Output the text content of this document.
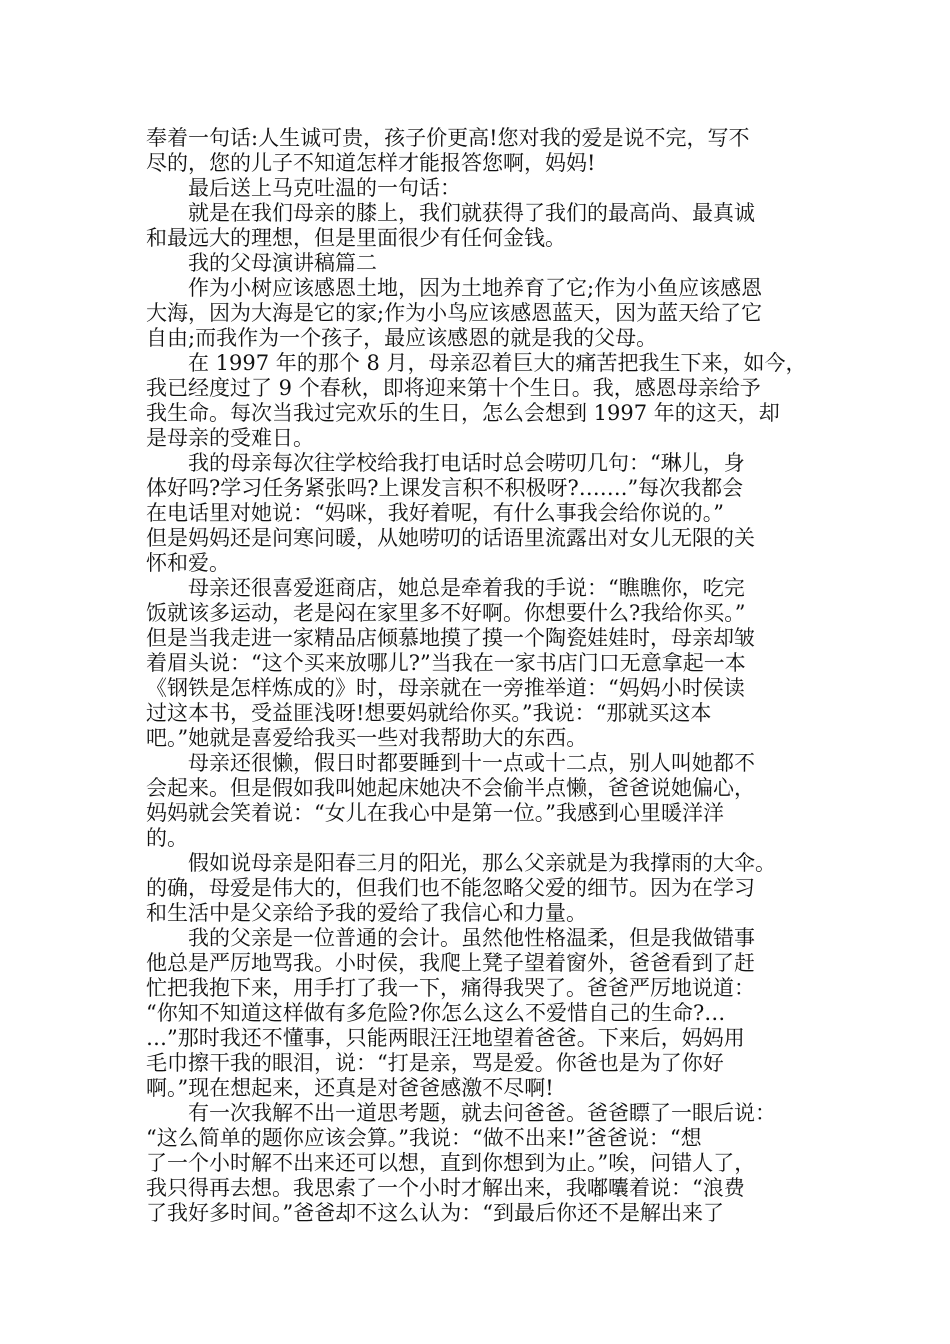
奉着一句话:人生诚可贵，孩子价更高!您对我的爱是说不完，写不
尽的，您的儿子不知道怎样才能报答您啊，妈妈!
最后送上马克吐温的一句话：
就是在我们母亲的膝上，我们就获得了我们的最高尚、最真诚
和最远大的理想，但是里面很少有任何金钱。
我的父母演讲稿篇二
作为小树应该感恩土地，因为土地养育了它;作为小鱼应该感恩
大海，因为大海是它的家;作为小鸟应该感恩蓝天，因为蓝天给了它
自由;而我作为一个孩子，最应该感恩的就是我的父母。
在 1997 年的那个 8 月，母亲忍着巨大的痛苦把我生下来，如今，
我已经度过了 9 个春秋，即将迎来第十个生日。我，感恩母亲给予
我生命。每次当我过完欢乐的生日，怎么会想到 1997 年的这天，却
是母亲的受难日。
我的母亲每次往学校给我打电话时总会唠叨几句：“琳儿，身
体好吗?学习任务紧张吗?上课发言积不积极呀?…….”每次我都会
在电话里对她说：“妈咪，我好着呢，有什么事我会给你说的。”
但是妈妈还是问寒问暖，从她唠叨的话语里流露出对女儿无限的关
怀和爱。
母亲还很喜爱逛商店，她总是牵着我的手说：“瞧瞧你，吃完
饭就该多运动，老是闷在家里多不好啊。你想要什么?我给你买。”
但是当我走进一家精品店倾慕地摸了摸一个陶瓷娃娃时，母亲却皱
着眉头说：“这个买来放哪儿?”当我在一家书店门口无意拿起一本
《钢铁是怎样炼成的》时，母亲就在一旁推举道：“妈妈小时侯读
过这本书，受益匪浅呀!想要妈就给你买。”我说：“那就买这本
吧。”她就是喜爱给我买一些对我帮助大的东西。
母亲还很懒，假日时都要睡到十一点或十二点，别人叫她都不
会起来。但是假如我叫她起床她决不会偷半点懒，爸爸说她偏心，
妈妈就会笑着说：“女儿在我心中是第一位。”我感到心里暖洋洋
的。
假如说母亲是阳春三月的阳光，那么父亲就是为我撑雨的大伞。
的确，母爱是伟大的，但我们也不能忽略父爱的细节。因为在学习
和生活中是父亲给予我的爱给了我信心和力量。
我的父亲是一位普通的会计。虽然他性格温柔，但是我做错事
他总是严厉地骂我。小时侯，我爬上凳子望着窗外，爸爸看到了赶
忙把我抱下来，用手打了我一下，痛得我哭了。爸爸严厉地说道：
“你知不知道这样做有多危险?你怎么这么不爱惜自己的生命?…
…”那时我还不懂事，只能两眼汪汪地望着爸爸。下来后，妈妈用
毛巾擦干我的眼泪，说：“打是亲，骂是爱。你爸也是为了你好
啊。”现在想起来，还真是对爸爸感激不尽啊!
有一次我解不出一道思考题，就去问爸爸。爸爸瞟了一眼后说：
“这么简单的题你应该会算。”我说：“做不出来!”爸爸说：“想
了一个小时解不出来还可以想，直到你想到为止。”唉，问错人了，
我只得再去想。我思索了一个小时才解出来，我嘟囔着说：“浪费
了我好多时间。”爸爸却不这么认为：“到最后你还不是解出来了
